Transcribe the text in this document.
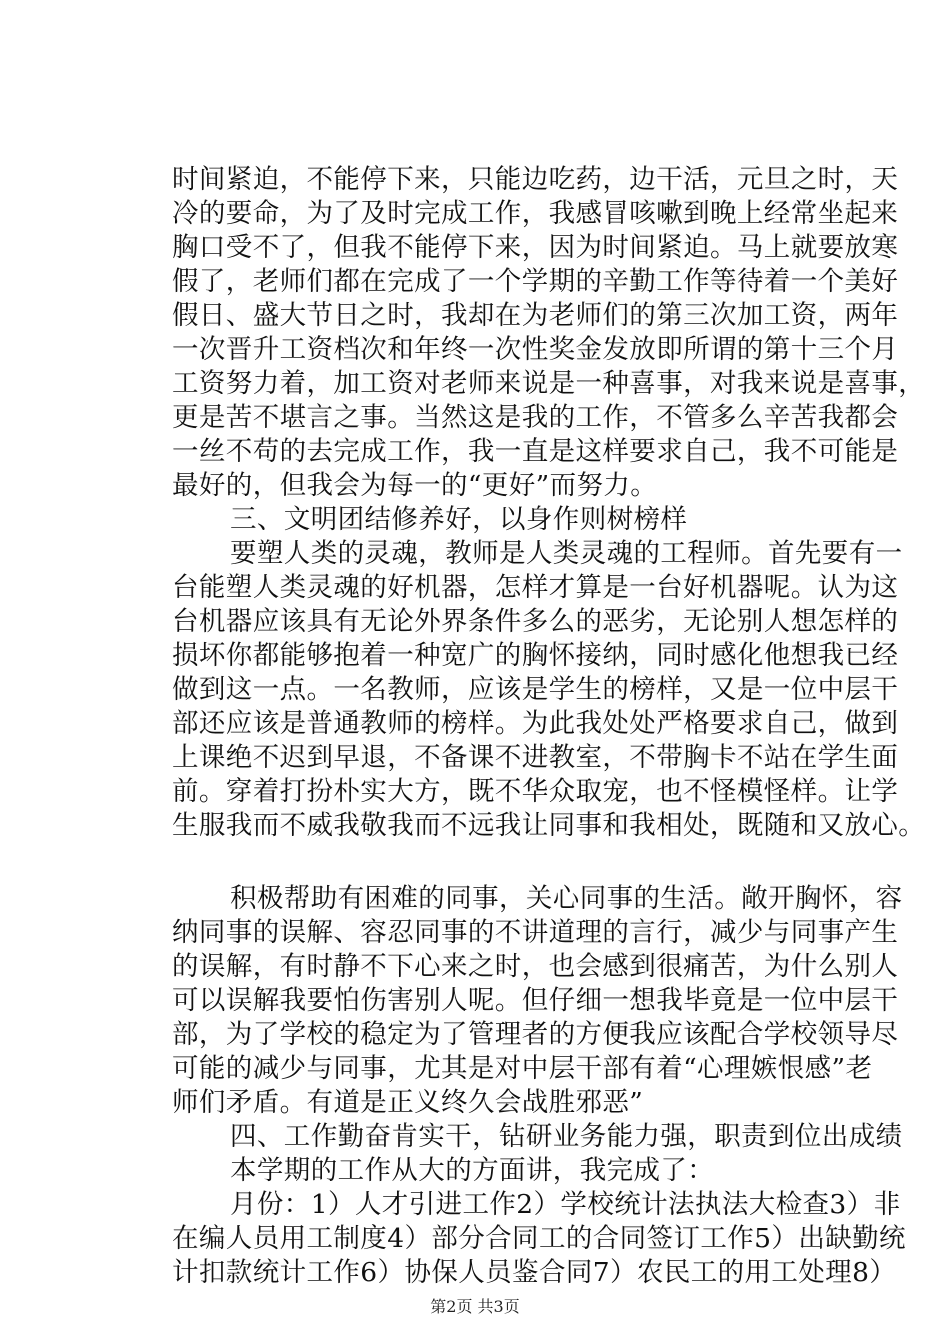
时间紧迫，不能停下来，只能边吃药，边干活，元旦之时，天
冷的要命，为了及时完成工作，我感冒咳嗽到晚上经常坐起来
胸口受不了，但我不能停下来，因为时间紧迫。马上就要放寒
假了，老师们都在完成了一个学期的辛勤工作等待着一个美好
假日、盛大节日之时，我却在为老师们的第三次加工资，两年
一次晋升工资档次和年终一次性奖金发放即所谓的第十三个月
工资努力着，加工资对老师来说是一种喜事，对我来说是喜事，
更是苦不堪言之事。当然这是我的工作，不管多么辛苦我都会
一丝不苟的去完成工作，我一直是这样要求自己，我不可能是
最好的，但我会为每一的“更好”而努力。
三、文明团结修养好，以身作则树榜样
要塑人类的灵魂，教师是人类灵魂的工程师。首先要有一
台能塑人类灵魂的好机器，怎样才算是一台好机器呢。认为这
台机器应该具有无论外界条件多么的恶劣，无论别人想怎样的
损坏你都能够抱着一种宽广的胸怀接纳，同时感化他想我已经
做到这一点。一名教师，应该是学生的榜样，又是一位中层干
部还应该是普通教师的榜样。为此我处处严格要求自己，做到
上课绝不迟到早退，不备课不进教室，不带胸卡不站在学生面
前。穿着打扮朴实大方，既不华众取宠，也不怪模怪样。让学
生服我而不威我敬我而不远我让同事和我相处，既随和又放心。
积极帮助有困难的同事，关心同事的生活。敞开胸怀，容
纳同事的误解、容忍同事的不讲道理的言行，减少与同事产生
的误解，有时静不下心来之时，也会感到很痛苦，为什么别人
可以误解我要怕伤害别人呢。但仔细一想我毕竟是一位中层干
部，为了学校的稳定为了管理者的方便我应该配合学校领导尽
可能的减少与同事，尤其是对中层干部有着“心理嫉恨感”老
师们矛盾。有道是正义终久会战胜邪恶”
四、工作勤奋肯实干，钻研业务能力强，职责到位出成绩
本学期的工作从大的方面讲，我完成了：
月份：1）人才引进工作2）学校统计法执法大检查3）非
在编人员用工制度4）部分合同工的合同签订工作5）出缺勤统
计扣款统计工作6）协保人员鉴合同7）农民工的用工处理8）
第2页 共3页
